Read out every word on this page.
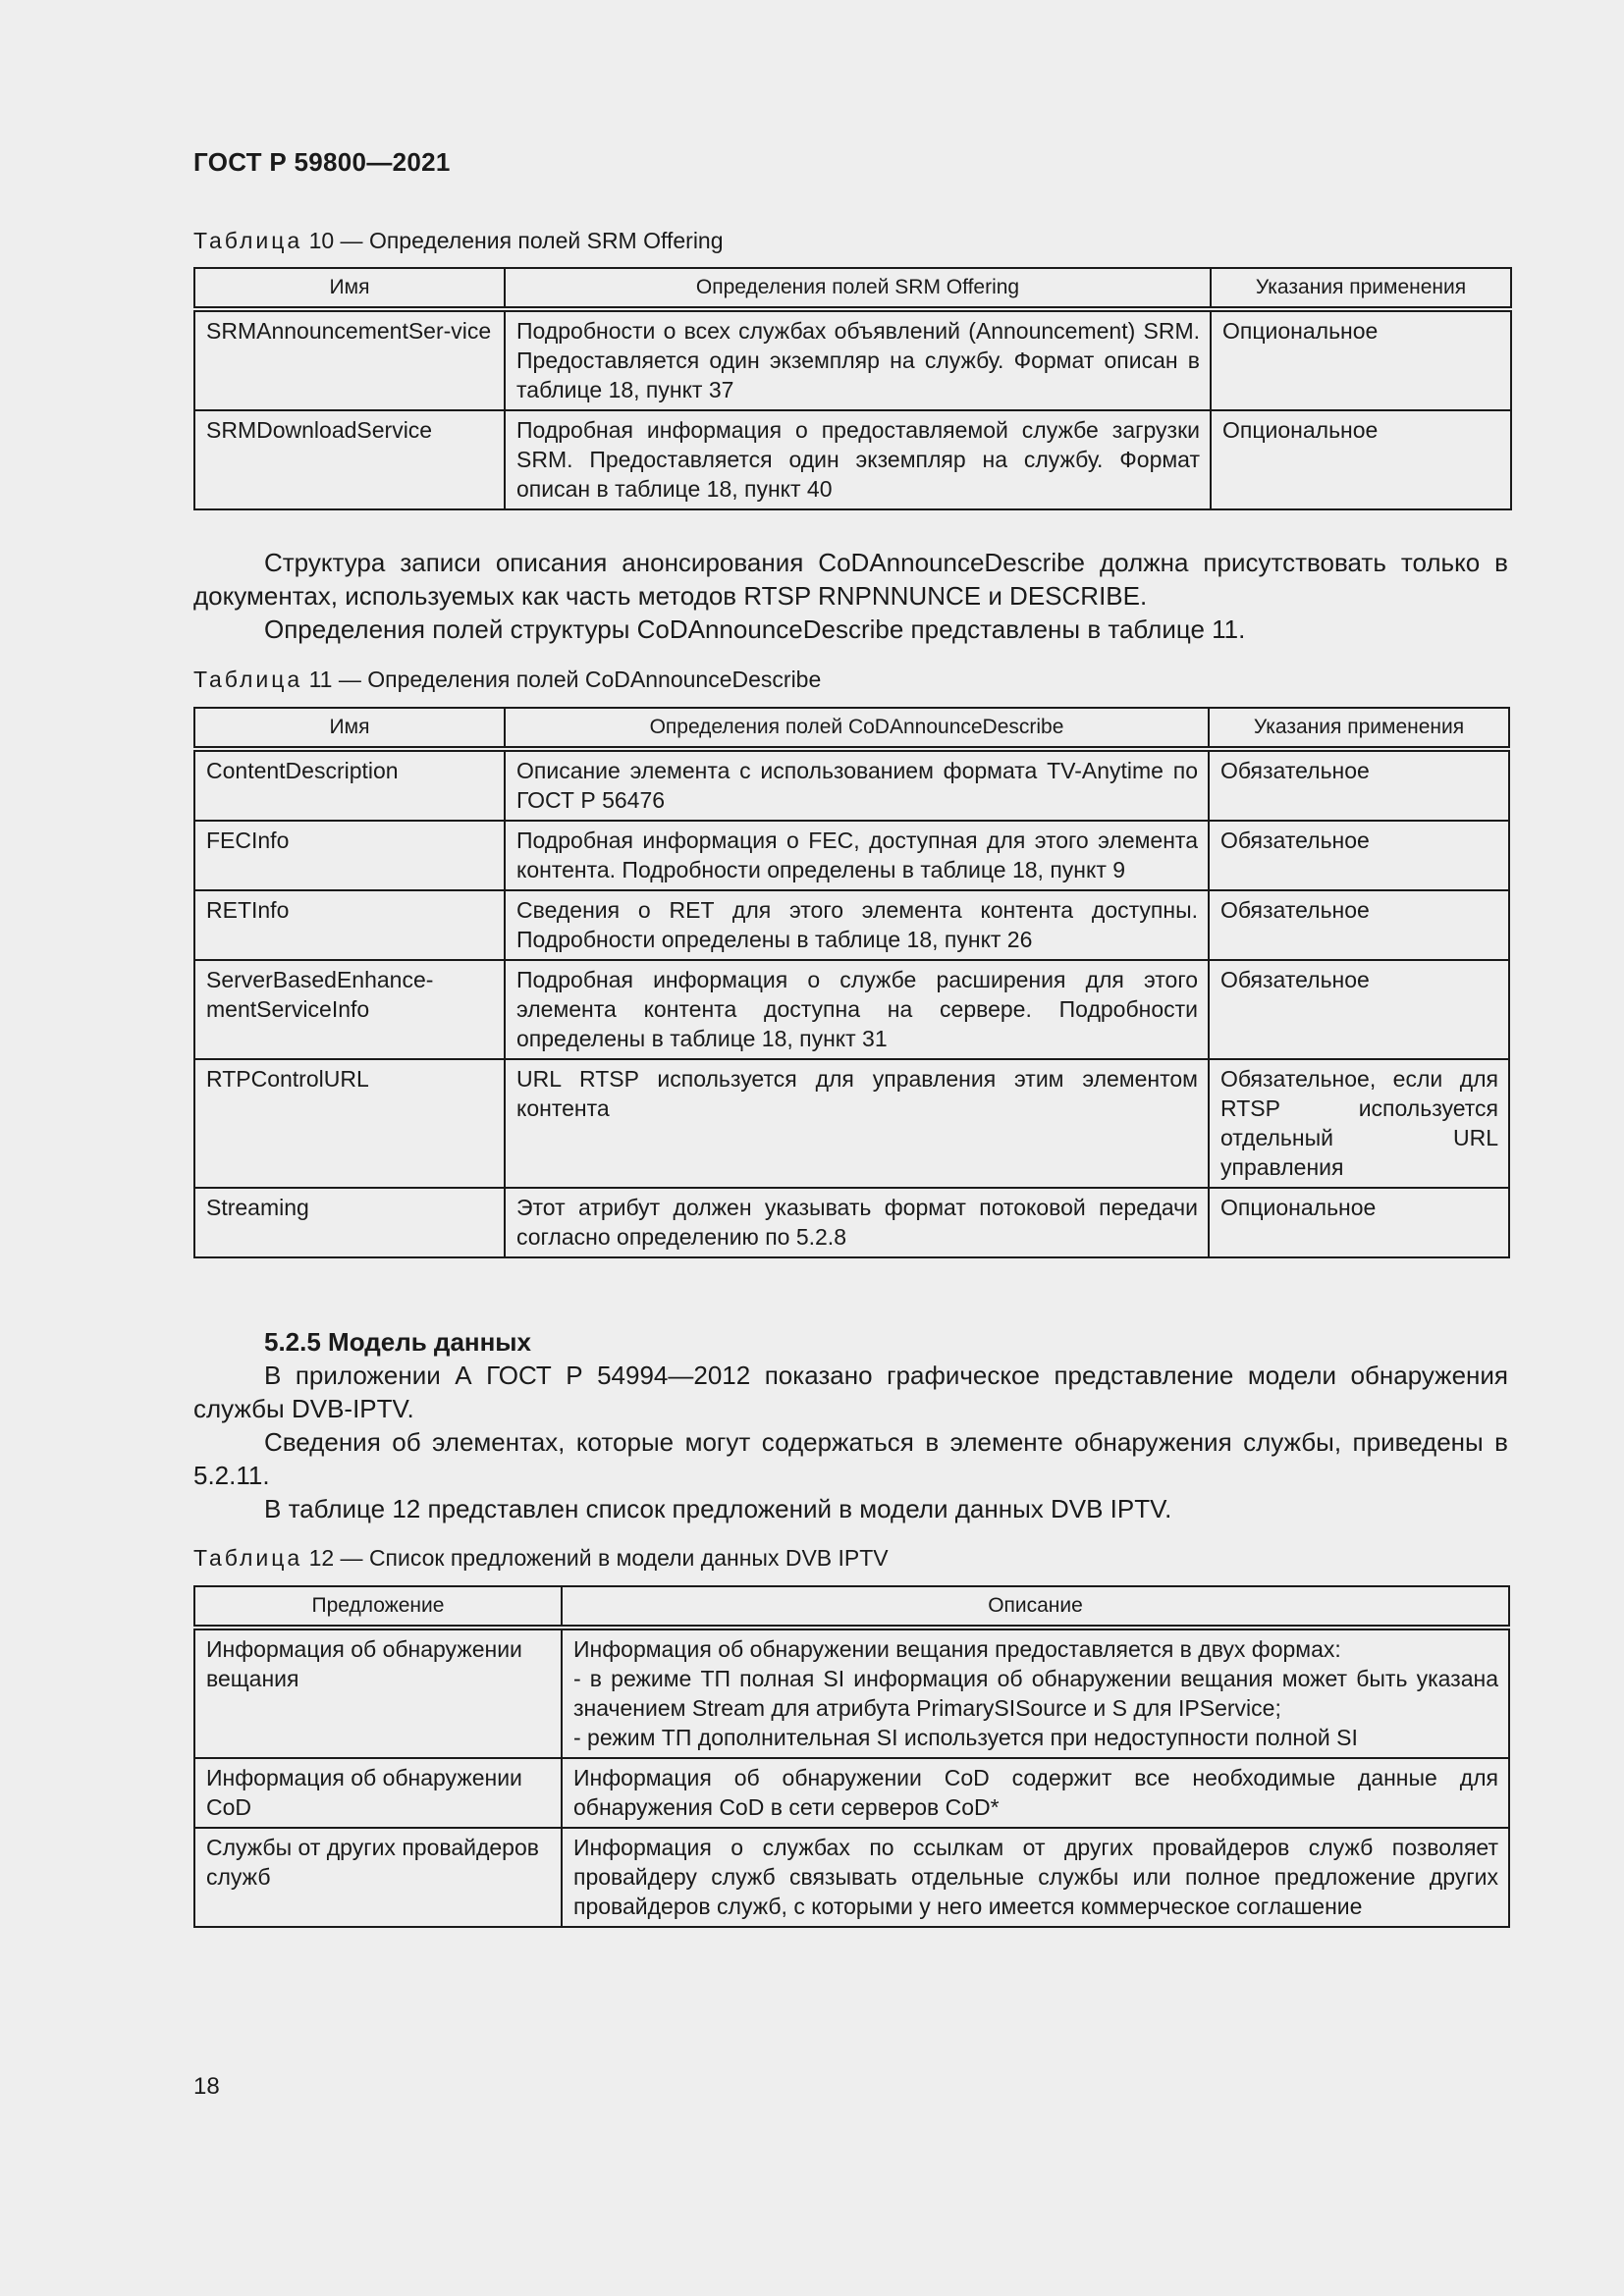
ГОСТ Р 59800—2021
Таблица 10 — Определения полей SRM Offering
Имя	Определения полей SRM Offering	Указания применения
SRMAnnouncementSer-vice	Подробности о всех службах объявлений (Announcement) SRM. Предоставляется один экземпляр на службу. Формат описан в таблице 18, пункт 37	Опциональное
SRMDownloadService	Подробная информация о предоставляемой службе загрузки SRM. Предоставляется один экземпляр на службу. Формат описан в таблице 18, пункт 40	Опциональное
Структура записи описания анонсирования CoDAnnounceDescribe должна присутствовать только в документах, используемых как часть методов RTSP RNPNNUNCE и DESCRIBE.
Определения полей структуры CoDAnnounceDescribe представлены в таблице 11.
Таблица 11 — Определения полей CoDAnnounceDescribe
Имя	Определения полей CoDAnnounceDescribe	Указания применения
ContentDescription	Описание элемента с использованием формата TV-Anytime по ГОСТ Р 56476	Обязательное
FECInfo	Подробная информация о FEC, доступная для этого элемента контента. Подробности определены в таблице 18, пункт 9	Обязательное
RETInfo	Сведения о RET для этого элемента контента доступны. Подробности определены в таблице 18, пункт 26	Обязательное
ServerBasedEnhance-mentServiceInfo	Подробная информация о службе расширения для этого элемента контента доступна на сервере. Подробности определены в таблице 18, пункт 31	Обязательное
RTPControlURL	URL RTSP используется для управления этим элементом контента	Обязательное, если для RTSP используется отдельный URL управления
Streaming	Этот атрибут должен указывать формат потоковой передачи согласно определению по 5.2.8	Опциональное
5.2.5 Модель данных
В приложении А ГОСТ Р 54994—2012 показано графическое представление модели обнаружения службы DVB-IPTV.
Сведения об элементах, которые могут содержаться в элементе обнаружения службы, приведены в 5.2.11.
В таблице 12 представлен список предложений в модели данных DVB IPTV.
Таблица 12 — Список предложений в модели данных DVB IPTV
Предложение	Описание
Информация об обнаружении вещания	Информация об обнаружении вещания предоставляется в двух формах:
- в режиме ТП полная SI информация об обнаружении вещания может быть указана значением Stream для атрибута PrimarySISource и S для IPService;
- режим ТП дополнительная SI используется при недоступности полной SI

Информация об обнаружении CoD	Информация об обнаружении CoD содержит все необходимые данные для обнаружения CoD в сети серверов CoD*

Службы от других провайдеров служб	Информация о службах по ссылкам от других провайдеров служб позволяет провайдеру служб связывать отдельные службы или полное предложение других провайдеров служб, с которыми у него имеется коммерческое соглашение
18
